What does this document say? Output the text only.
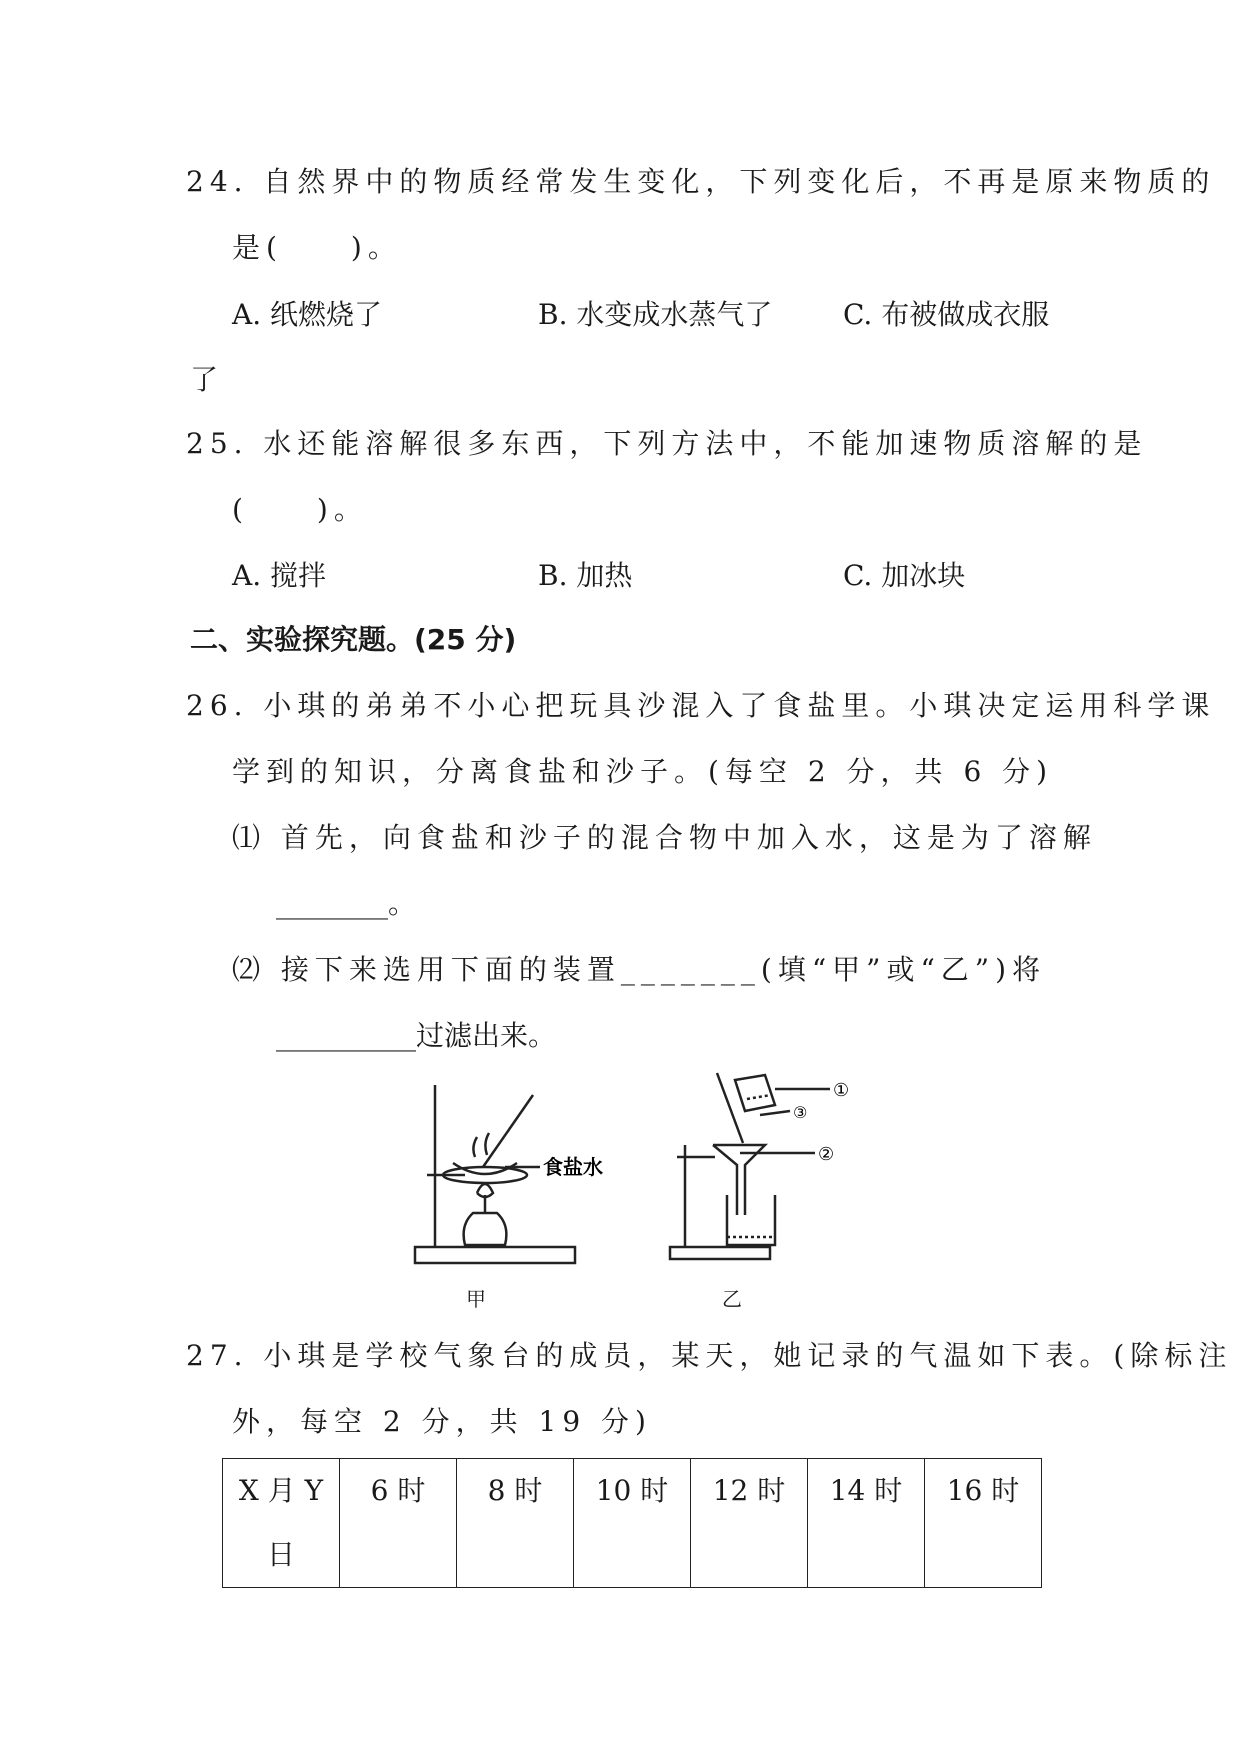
24. 自然界中的物质经常发生变化，下列变化后，不再是原来物质的
是(　　)。
A. 纸燃烧了	B. 水变成水蒸气了	C. 布被做成衣服
了
25. 水还能溶解很多东西，下列方法中，不能加速物质溶解的是
(　　)。
A. 搅拌	B. 加热	C. 加冰块
二、实验探究题。(25 分)
26. 小琪的弟弟不小心把玩具沙混入了食盐里。小琪决定运用科学课
学到的知识，分离食盐和沙子。(每空 2 分，共 6 分)
⑴ 首先，向食盐和沙子的混合物中加入水，这是为了溶解
________。
⑵ 接下来选用下面的装置_______(填“甲”或“乙”)将
__________过滤出来。
食盐水
甲
①
③
②
乙
27. 小琪是学校气象台的成员，某天，她记录的气温如下表。(除标注
外，每空 2 分，共 19 分)
X 月 Y 日	6 时	8 时	10 时	12 时	14 时	16 时
